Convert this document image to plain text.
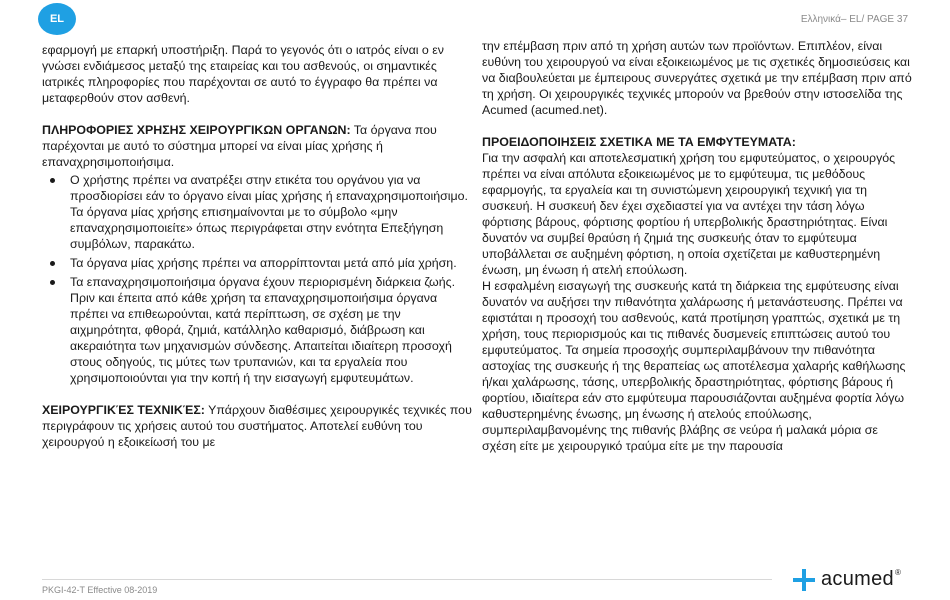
EL	Ελληνικά– EL/ PAGE 37

εφαρμογή με επαρκή υποστήριξη. Παρά το γεγονός ότι ο ιατρός είναι ο εν γνώσει ενδιάμεσος μεταξύ της εταιρείας και του ασθενούς, οι σημαντικές ιατρικές πληροφορίες που παρέχονται σε αυτό το έγγραφο θα πρέπει να μεταφερθούν στον ασθενή.

ΠΛΗΡΟΦΟΡΙΕΣ ΧΡΗΣΗΣ ΧΕΙΡΟΥΡΓΙΚΩΝ ΟΡΓΑΝΩΝ: Τα όργανα που παρέχονται με αυτό το σύστημα μπορεί να είναι μίας χρήσης ή επαναχρησιμοποιήσιμα.

Ο χρήστης πρέπει να ανατρέξει στην ετικέτα του οργάνου για να προσδιορίσει εάν το όργανο είναι μίας χρήσης ή επαναχρησιμοποιήσιμο. Τα όργανα μίας χρήσης επισημαίνονται με το σύμβολο «μην επαναχρησιμοποιείτε» όπως περιγράφεται στην ενότητα Επεξήγηση συμβόλων, παρακάτω.
Τα όργανα μίας χρήσης πρέπει να απορρίπτονται μετά από μία χρήση.
Τα επαναχρησιμοποιήσιμα όργανα έχουν περιορισμένη διάρκεια ζωής. Πριν και έπειτα από κάθε χρήση τα επαναχρησιμοποιήσιμα όργανα πρέπει να επιθεωρούνται, κατά περίπτωση, σε σχέση με την αιχμηρότητα, φθορά, ζημιά, κατάλληλο καθαρισμό, διάβρωση και ακεραιότητα των μηχανισμών σύνδεσης. Απαιτείται ιδιαίτερη προσοχή στους οδηγούς, τις μύτες των τρυπανιών, και τα εργαλεία που χρησιμοποιούνται για την κοπή ή την εισαγωγή εμφυτευμάτων.

ΧΕΙΡΟΥΡΓΙΚΈΣ ΤΕΧΝΙΚΈΣ: Υπάρχουν διαθέσιμες χειρουργικές τεχνικές που περιγράφουν τις χρήσεις αυτού του συστήματος. Αποτελεί ευθύνη του χειρουργού η εξοικείωσή του με

την επέμβαση πριν από τη χρήση αυτών των προϊόντων. Επιπλέον, είναι ευθύνη του χειρουργού να είναι εξοικειωμένος με τις σχετικές δημοσιεύσεις και να διαβουλεύεται με έμπειρους συνεργάτες σχετικά με την επέμβαση πριν από τη χρήση. Οι χειρουργικές τεχνικές μπορούν να βρεθούν στην ιστοσελίδα της Acumed (acumed.net).

ΠΡΟΕΙΔΟΠΟΙΗΣΕΙΣ ΣΧΕΤΙΚΑ ΜΕ ΤΑ ΕΜΦΥΤΕΥΜΑΤΑ:

Για την ασφαλή και αποτελεσματική χρήση του εμφυτεύματος, ο χειρουργός πρέπει να είναι απόλυτα εξοικειωμένος με το εμφύτευμα, τις μεθόδους εφαρμογής, τα εργαλεία και τη συνιστώμενη χειρουργική τεχνική για τη συσκευή. Η συσκευή δεν έχει σχεδιαστεί για να αντέχει την τάση λόγω φόρτισης βάρους, φόρτισης φορτίου ή υπερβολικής δραστηριότητας. Είναι δυνατόν να συμβεί θραύση ή ζημιά της συσκευής όταν το εμφύτευμα υποβάλλεται σε αυξημένη φόρτιση, η οποία σχετίζεται με καθυστερημένη ένωση, μη ένωση ή ατελή επούλωση.

Η εσφαλμένη εισαγωγή της συσκευής κατά τη διάρκεια της εμφύτευσης είναι δυνατόν να αυξήσει την πιθανότητα χαλάρωσης ή μετανάστευσης. Πρέπει να εφιστάται η προσοχή του ασθενούς, κατά προτίμηση γραπτώς, σχετικά με τη χρήση, τους περιορισμούς και τις πιθανές δυσμενείς επιπτώσεις αυτού του εμφυτεύματος. Τα σημεία προσοχής συμπεριλαμβάνουν την πιθανότητα αστοχίας της συσκευής ή της θεραπείας ως αποτέλεσμα χαλαρής καθήλωσης ή/και χαλάρωσης, τάσης, υπερβολικής δραστηριότητας, φόρτισης βάρους ή φορτίου, ιδιαίτερα εάν στο εμφύτευμα παρουσιάζονται αυξημένα φορτία λόγω καθυστερημένης ένωσης, μη ένωσης ή ατελούς επούλωσης, συμπεριλαμβανομένης της πιθανής βλάβης σε νεύρα ή μαλακά μόρια σε σχέση είτε με χειρουργικό τραύμα είτε με την παρουσία

PKGI-42-T Effective 08-2019	acumed®
